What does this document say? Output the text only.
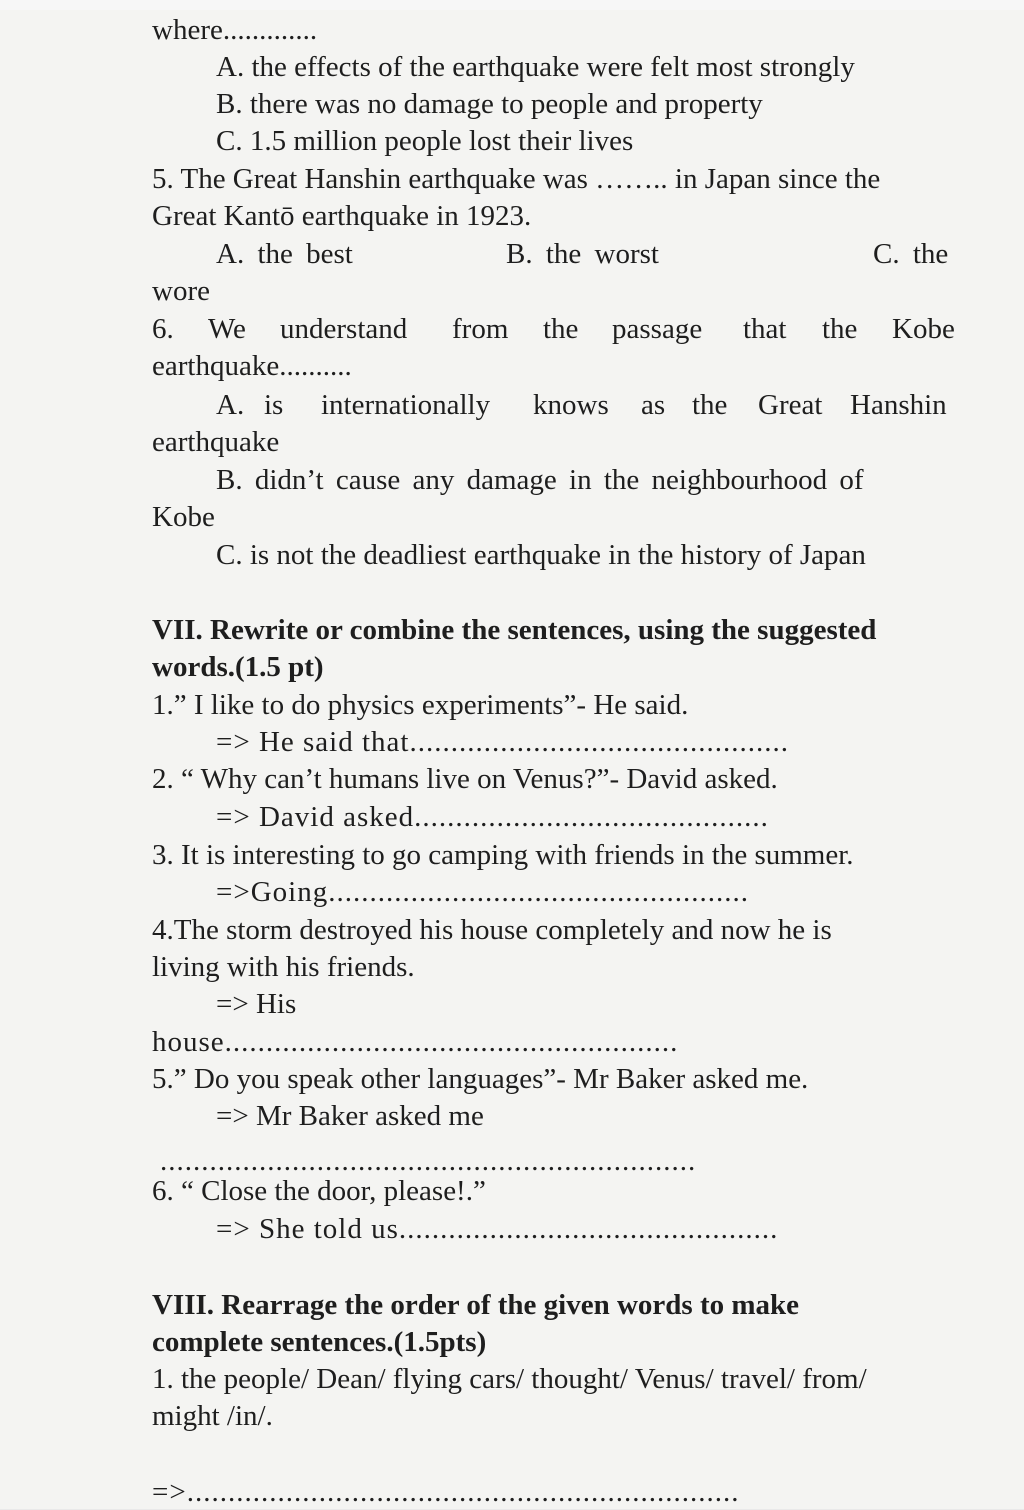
where.............
A. the effects of the earthquake were felt most strongly
B. there was no damage to people and property
C. 1.5 million people lost their lives
5. The Great Hanshin earthquake was …….. in Japan since the
Great Kantō earthquake in 1923.
A. the best	B. the worst	C. the
wore
6. We understand from the passage that the Kobe
earthquake..........
A. is internationally knows as the Great Hanshin
earthquake
B. didn’t cause any damage in the neighbourhood of
Kobe
C. is not the deadliest earthquake in the history of Japan
VII. Rewrite or combine the sentences, using the suggested
words.(1.5 pt)
1.” I like to do physics experiments”- He said.
=> He said that..............................................
2. “ Why can’t humans live on Venus?”- David asked.
=> David asked...........................................
3. It is interesting to go camping with friends in the summer.
=>Going...................................................
4.The storm destroyed his house completely and now he is
living with his friends.
=> His
house.......................................................
5.” Do you speak other languages”- Mr Baker asked me.
=> Mr Baker asked me
.................................................................
6. “ Close the door, please!.”
=> She told us..............................................
VIII. Rearrage the order of the given words to make
complete sentences.(1.5pts)
1. the people/ Dean/ flying cars/ thought/ Venus/ travel/ from/
might /in/.
=>...................................................................
